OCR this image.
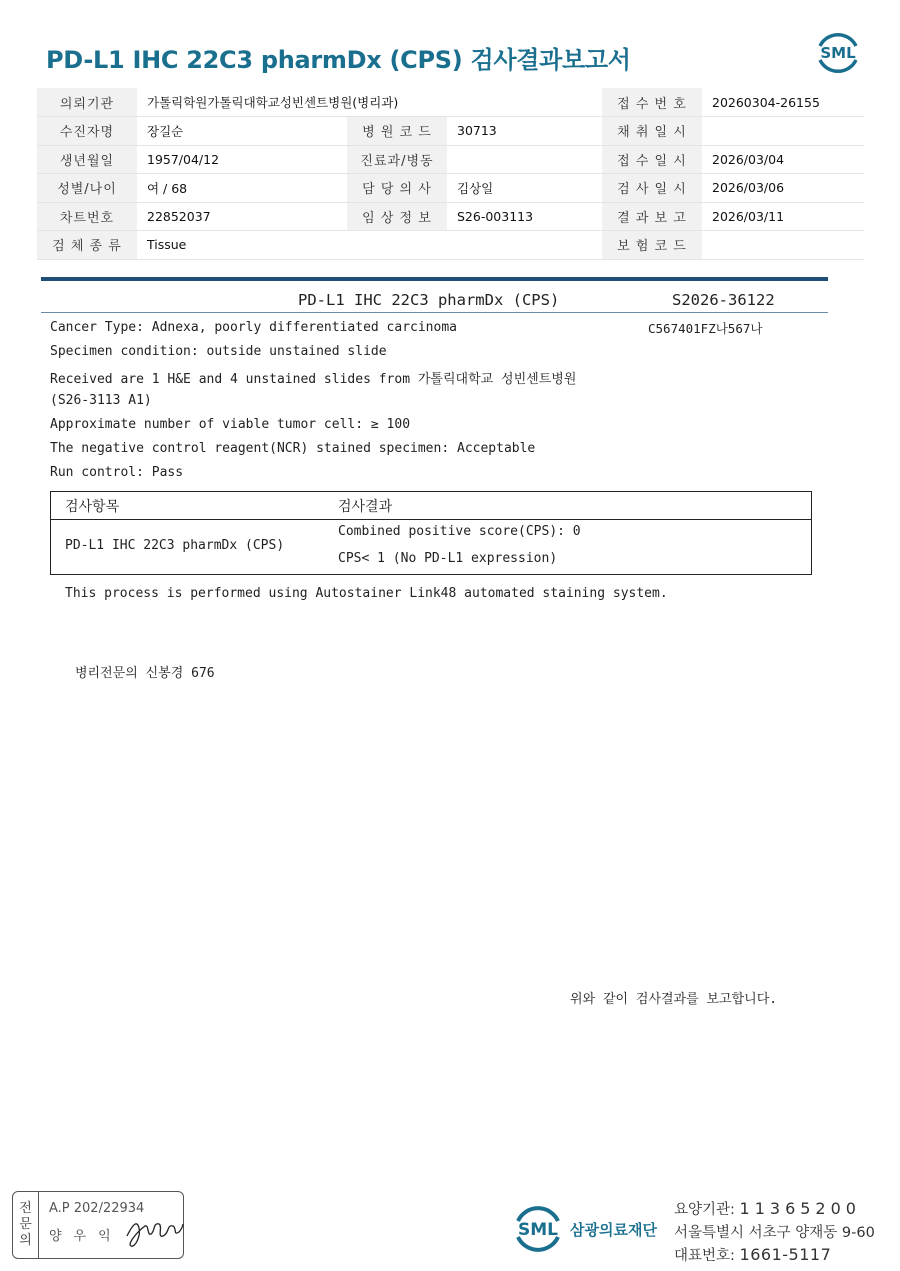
PD-L1 IHC 22C3 pharmDx (CPS) 검사결과보고서	SML
의뢰기관	가톨릭학원가톨릭대학교성빈센트병원(병리과)			접 수 번 호	20260304-26155
수진자명	장길순	병 원 코 드	30713	채 취 일 시	
생년월일	1957/04/12	진료과/병동		접 수 일 시	2026/03/04
성별/나이	여 / 68	담 당 의 사	김상일	검 사 일 시	2026/03/06
차트번호	22852037	임 상 정 보	S26-003113	결 과 보 고	2026/03/11
검 체 종 류	Tissue			보 험 코 드	
PD-L1 IHC 22C3 pharmDx (CPS)	S2026-36122
C567401FZ나567나
Cancer Type: Adnexa, poorly differentiated carcinoma
Specimen condition: outside unstained slide
Received are 1 H&E and 4 unstained slides from 가톨릭대학교 성빈센트병원
(S26-3113 A1)
Approximate number of viable tumor cell: ≥ 100
The negative control reagent(NCR) stained specimen: Acceptable
Run control: Pass
검사항목	검사결과
PD-L1 IHC 22C3 pharmDx (CPS)
Combined positive score(CPS): 0
CPS< 1 (No PD-L1 expression)
This process is performed using Autostainer Link48 automated staining system.
병리전문의 신봉경 676
위와 같이 검사결과를 보고합니다.
전
문
의
A.P 202/22934
양우익	SML 삼광의료재단
요양기관: 11365200
서울특별시 서초구 양재동 9-60
대표번호: 1661-5117
